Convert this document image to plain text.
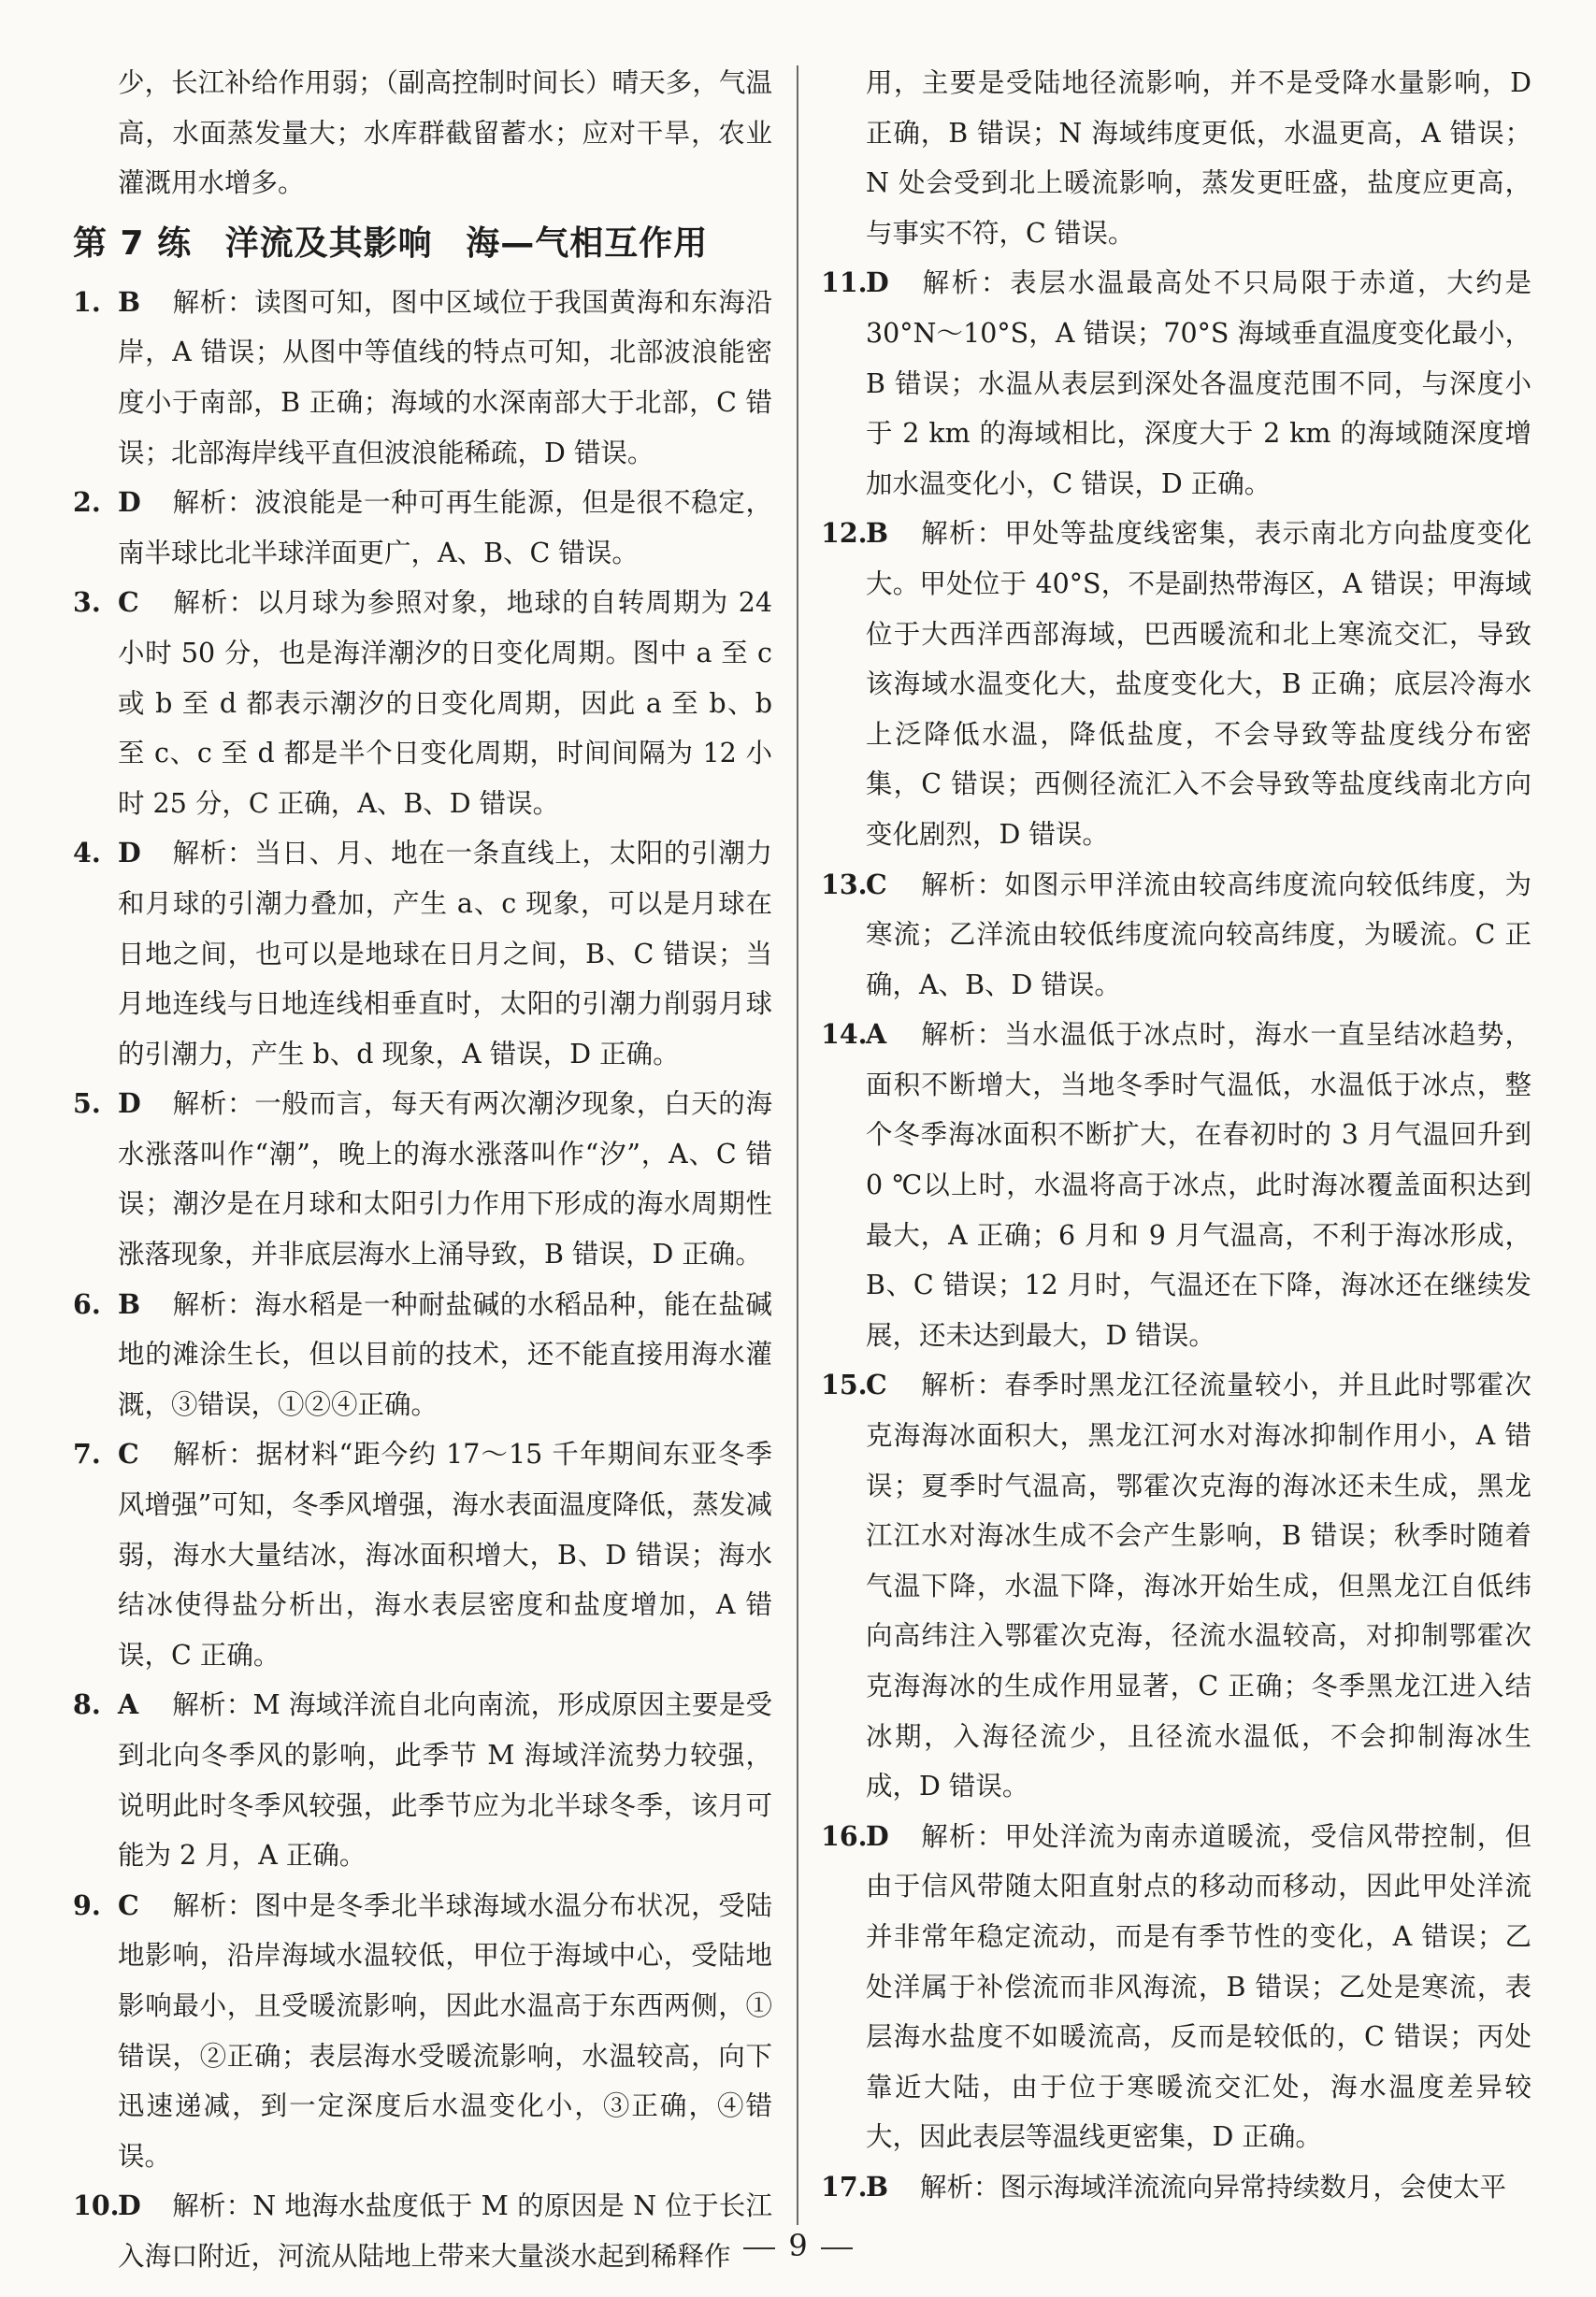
少，长江补给作用弱；（副高控制时间长）晴天多，气温高，水面蒸发量大；水库群截留蓄水；应对干旱，农业灌溉用水增多。

第 7 练 洋流及其影响 海—气相互作用

1. B 解析：读图可知，图中区域位于我国黄海和东海沿岸，A 错误；从图中等值线的特点可知，北部波浪能密度小于南部，B 正确；海域的水深南部大于北部，C 错误；北部海岸线平直但波浪能稀疏，D 错误。

2. D 解析：波浪能是一种可再生能源，但是很不稳定，南半球比北半球洋面更广，A、B、C 错误。

3. C 解析：以月球为参照对象，地球的自转周期为 24 小时 50 分，也是海洋潮汐的日变化周期。图中 a 至 c 或 b 至 d 都表示潮汐的日变化周期，因此 a 至 b、b 至 c、c 至 d 都是半个日变化周期，时间间隔为 12 小时 25 分，C 正确，A、B、D 错误。

4. D 解析：当日、月、地在一条直线上，太阳的引潮力和月球的引潮力叠加，产生 a、c 现象，可以是月球在日地之间，也可以是地球在日月之间，B、C 错误；当月地连线与日地连线相垂直时，太阳的引潮力削弱月球的引潮力，产生 b、d 现象，A 错误，D 正确。

5. D 解析：一般而言，每天有两次潮汐现象，白天的海水涨落叫作“潮”，晚上的海水涨落叫作“汐”，A、C 错误；潮汐是在月球和太阳引力作用下形成的海水周期性涨落现象，并非底层海水上涌导致，B 错误，D 正确。

6. B 解析：海水稻是一种耐盐碱的水稻品种，能在盐碱地的滩涂生长，但以目前的技术，还不能直接用海水灌溉，③错误，①②④正确。

7. C 解析：据材料“距今约 17～15 千年期间东亚冬季风增强”可知，冬季风增强，海水表面温度降低，蒸发减弱，海水大量结冰，海冰面积增大，B、D 错误；海水结冰使得盐分析出，海水表层密度和盐度增加，A 错误，C 正确。

8. A 解析：M 海域洋流自北向南流，形成原因主要是受到北向冬季风的影响，此季节 M 海域洋流势力较强，说明此时冬季风较强，此季节应为北半球冬季，该月可能为 2 月，A 正确。

9. C 解析：图中是冬季北半球海域水温分布状况，受陆地影响，沿岸海域水温较低，甲位于海域中心，受陆地影响最小，且受暖流影响，因此水温高于东西两侧，①错误，②正确；表层海水受暖流影响，水温较高，向下迅速递减，到一定深度后水温变化小，③正确，④错误。

10.D 解析：N 地海水盐度低于 M 的原因是 N 位于长江入海口附近，河流从陆地上带来大量淡水起到稀释作

用，主要是受陆地径流影响，并不是受降水量影响，D 正确，B 错误；N 海域纬度更低，水温更高，A 错误；N 处会受到北上暖流影响，蒸发更旺盛，盐度应更高，与事实不符，C 错误。

11.D 解析：表层水温最高处不只局限于赤道，大约是 30°N～10°S，A 错误；70°S 海域垂直温度变化最小，B 错误；水温从表层到深处各温度范围不同，与深度小于 2 km 的海域相比，深度大于 2 km 的海域随深度增加水温变化小，C 错误，D 正确。

12.B 解析：甲处等盐度线密集，表示南北方向盐度变化大。甲处位于 40°S，不是副热带海区，A 错误；甲海域位于大西洋西部海域，巴西暖流和北上寒流交汇，导致该海域水温变化大，盐度变化大，B 正确；底层冷海水上泛降低水温，降低盐度，不会导致等盐度线分布密集，C 错误；西侧径流汇入不会导致等盐度线南北方向变化剧烈，D 错误。

13.C 解析：如图示甲洋流由较高纬度流向较低纬度，为寒流；乙洋流由较低纬度流向较高纬度，为暖流。C 正确，A、B、D 错误。

14.A 解析：当水温低于冰点时，海水一直呈结冰趋势，面积不断增大，当地冬季时气温低，水温低于冰点，整个冬季海冰面积不断扩大，在春初时的 3 月气温回升到 0 ℃以上时，水温将高于冰点，此时海冰覆盖面积达到最大，A 正确；6 月和 9 月气温高，不利于海冰形成，B、C 错误；12 月时，气温还在下降，海冰还在继续发展，还未达到最大，D 错误。

15.C 解析：春季时黑龙江径流量较小，并且此时鄂霍次克海海冰面积大，黑龙江河水对海冰抑制作用小，A 错误；夏季时气温高，鄂霍次克海的海冰还未生成，黑龙江江水对海冰生成不会产生影响，B 错误；秋季时随着气温下降，水温下降，海冰开始生成，但黑龙江自低纬向高纬注入鄂霍次克海，径流水温较高，对抑制鄂霍次克海海冰的生成作用显著，C 正确；冬季黑龙江进入结冰期，入海径流少，且径流水温低，不会抑制海冰生成，D 错误。

16.D 解析：甲处洋流为南赤道暖流，受信风带控制，但由于信风带随太阳直射点的移动而移动，因此甲处洋流并非常年稳定流动，而是有季节性的变化，A 错误；乙处洋属于补偿流而非风海流，B 错误；乙处是寒流，表层海水盐度不如暖流高，反而是较低的，C 错误；丙处靠近大陆，由于位于寒暖流交汇处，海水温度差异较大，因此表层等温线更密集，D 正确。

17.B 解析：图示海域洋流流向异常持续数月，会使太平

9
